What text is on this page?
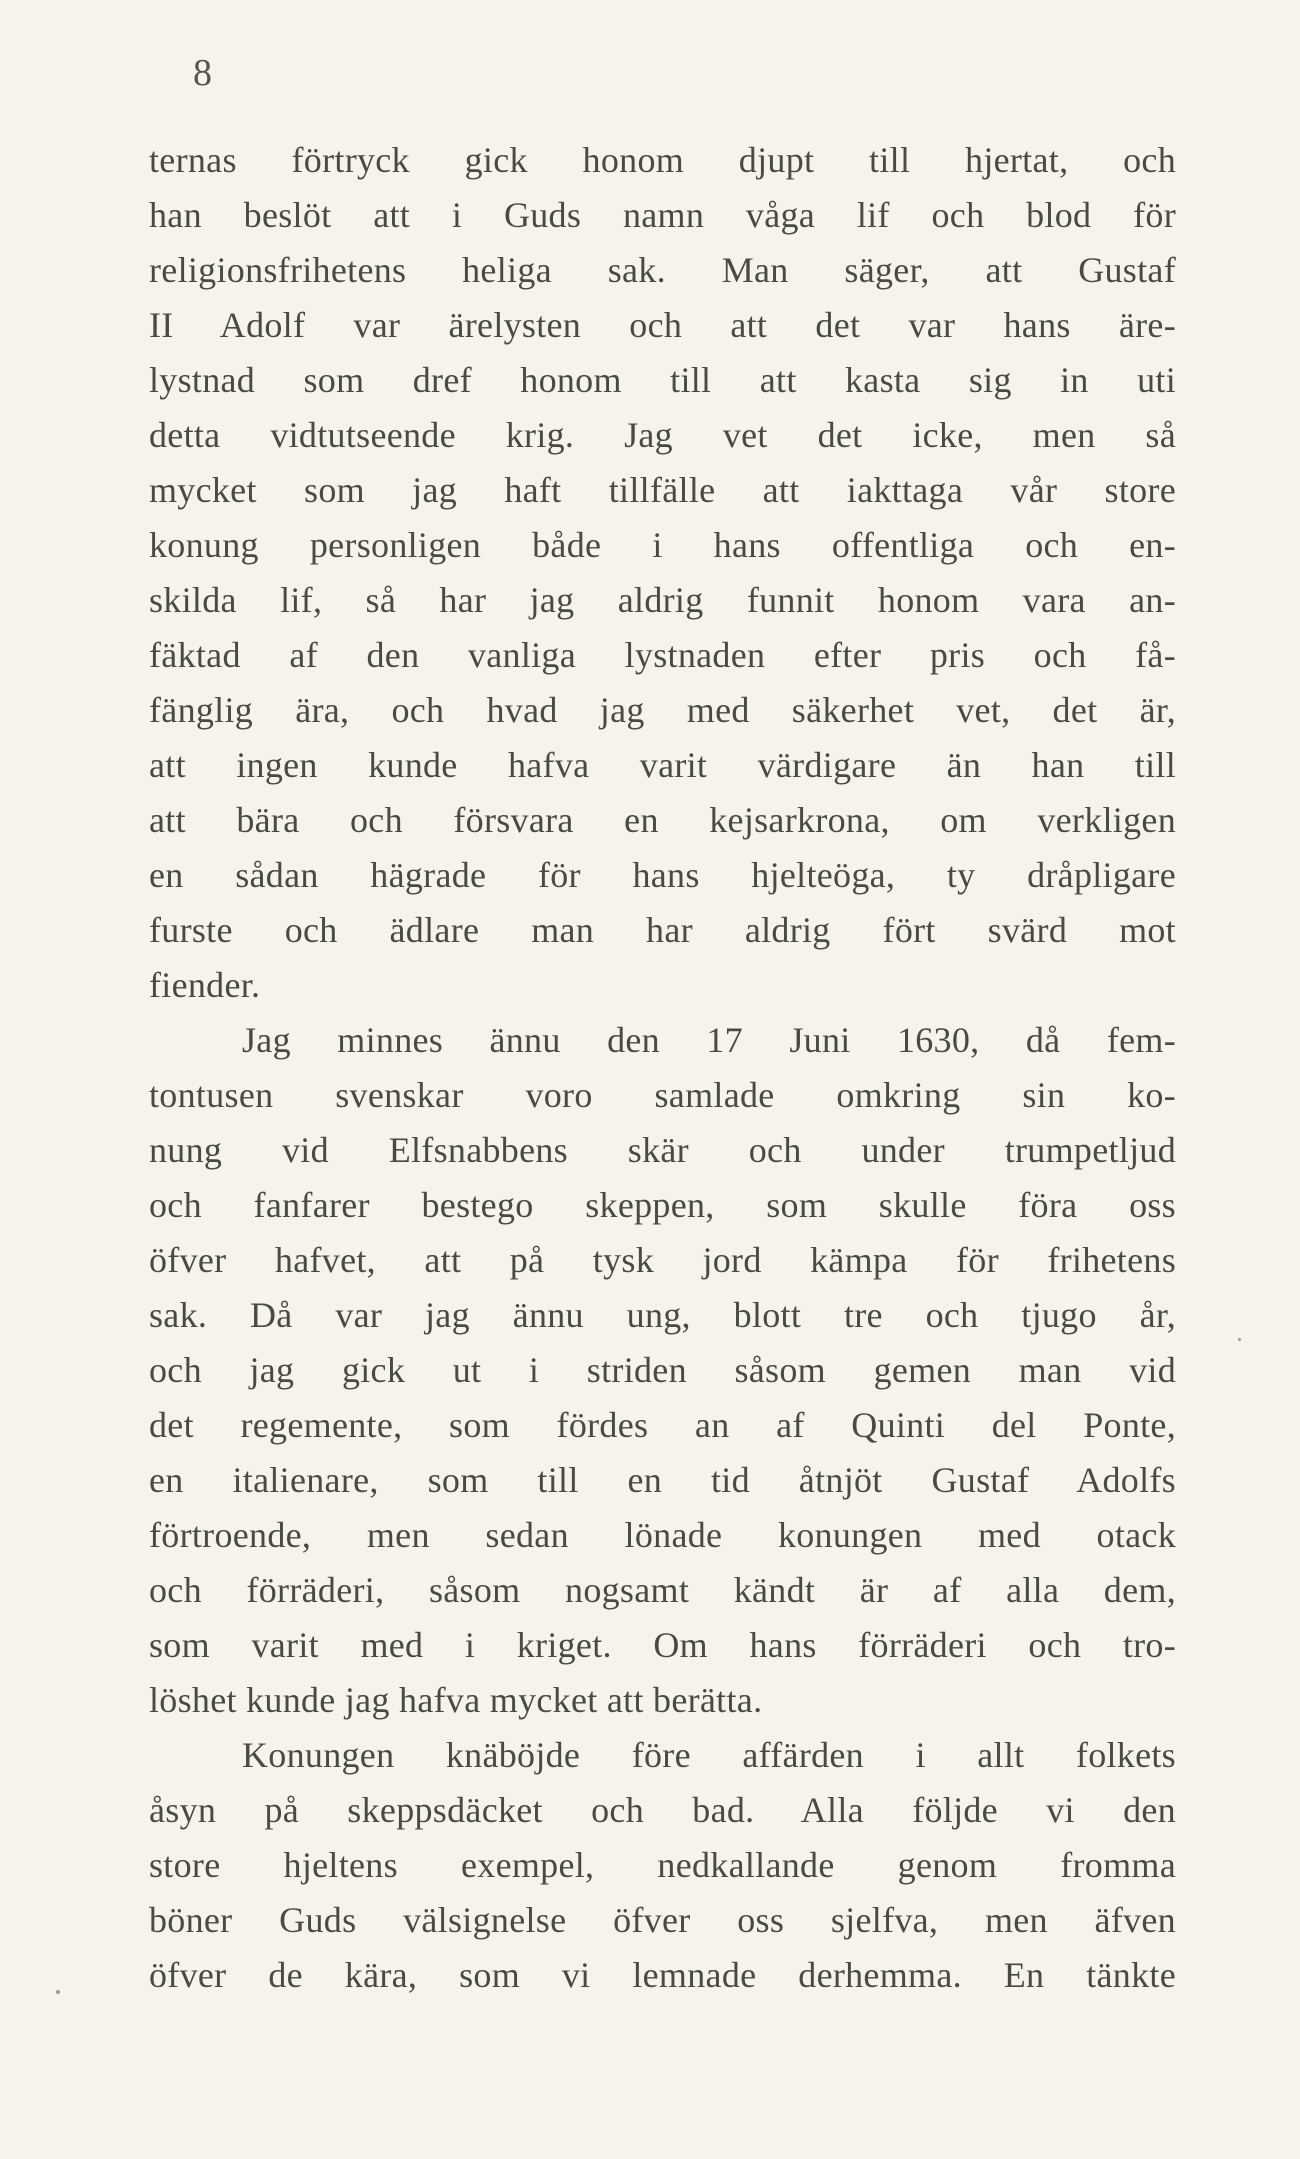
8
ternas förtryck gick honom djupt till hjertat, och
han beslöt att i Guds namn våga lif och blod för
religionsfrihetens heliga sak. Man säger, att Gustaf
II Adolf var ärelysten och att det var hans äre-
lystnad som dref honom till att kasta sig in uti
detta vidtutseende krig. Jag vet det icke, men så
mycket som jag haft tillfälle att iakttaga vår store
konung personligen både i hans offentliga och en-
skilda lif, så har jag aldrig funnit honom vara an-
fäktad af den vanliga lystnaden efter pris och få-
fänglig ära, och hvad jag med säkerhet vet, det är,
att ingen kunde hafva varit värdigare än han till
att bära och försvara en kejsarkrona, om verkligen
en sådan hägrade för hans hjelteöga, ty dråpligare
furste och ädlare man har aldrig fört svärd mot
fiender.
Jag minnes ännu den 17 Juni 1630, då fem-
tontusen svenskar voro samlade omkring sin ko-
nung vid Elfsnabbens skär och under trumpetljud
och fanfarer bestego skeppen, som skulle föra oss
öfver hafvet, att på tysk jord kämpa för frihetens
sak. Då var jag ännu ung, blott tre och tjugo år,
och jag gick ut i striden såsom gemen man vid
det regemente, som fördes an af Quinti del Ponte,
en italienare, som till en tid åtnjöt Gustaf Adolfs
förtroende, men sedan lönade konungen med otack
och förräderi, såsom nogsamt kändt är af alla dem,
som varit med i kriget. Om hans förräderi och tro-
löshet kunde jag hafva mycket att berätta.
Konungen knäböjde före affärden i allt folkets
åsyn på skeppsdäcket och bad. Alla följde vi den
store hjeltens exempel, nedkallande genom fromma
böner Guds välsignelse öfver oss sjelfva, men äfven
öfver de kära, som vi lemnade derhemma. En tänkte
